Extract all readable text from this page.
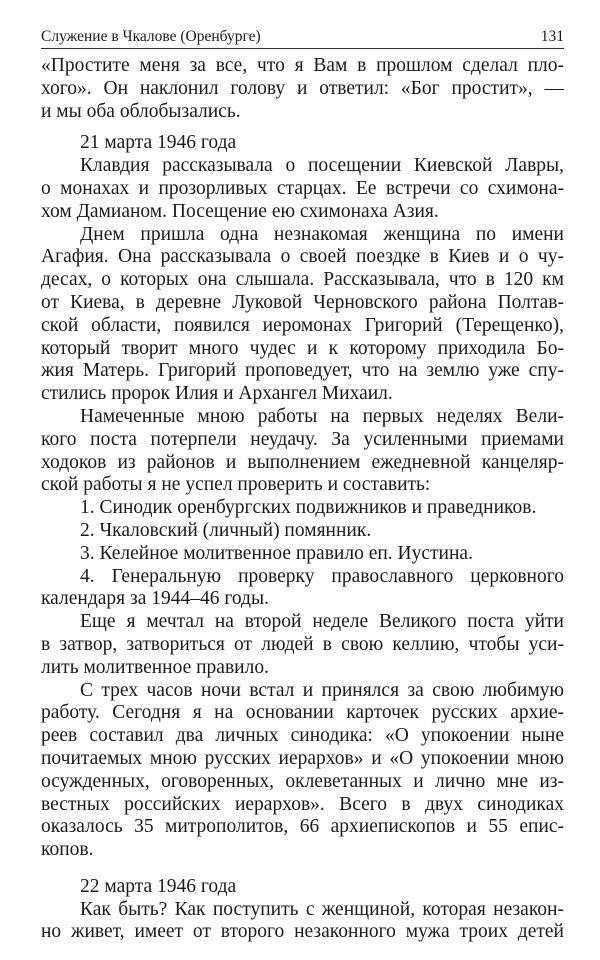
Служение в Чкалове (Оренбурге)	131
«Простите меня за все, что я Вам в прошлом сделал пло-
хого». Он наклонил голову и ответил: «Бог простит», —
и мы оба облобызались.
21 марта 1946 года
Клавдия рассказывала о посещении Киевской Лавры,
о монахах и прозорливых старцах. Ее встречи со схимона-
хом Дамианом. Посещение ею схимонаха Азия.
Днем пришла одна незнакомая женщина по имени
Агафия. Она рассказывала о своей поездке в Киев и о чу-
десах, о которых она слышала. Рассказывала, что в 120 км
от Киева, в деревне Луковой Черновского района Полтав-
ской области, появился иеромонах Григорий (Терещенко),
который творит много чудес и к которому приходила Бо-
жия Матерь. Григорий проповедует, что на землю уже спу-
стились пророк Илия и Архангел Михаил.
Намеченные мною работы на первых неделях Вели-
кого поста потерпели неудачу. За усиленными приемами
ходоков из районов и выполнением ежедневной канцеляр-
ской работы я не успел проверить и составить:
1. Синодик оренбургских подвижников и праведников.
2. Чкаловский (личный) помянник.
3. Келейное молитвенное правило еп. Иустина.
4. Генеральную проверку православного церковного
календаря за 1944–46 годы.
Еще я мечтал на второй неделе Великого поста уйти
в затвор, затвориться от людей в свою келлию, чтобы уси-
лить молитвенное правило.
С трех часов ночи встал и принялся за свою любимую
работу. Сегодня я на основании карточек русских архие-
реев составил два личных синодика: «О упокоении ныне
почитаемых мною русских иерархов» и «О упокоении мною
осужденных, оговоренных, оклеветанных и лично мне из-
вестных российских иерархов». Всего в двух синодиках
оказалось 35 митрополитов, 66 архиепископов и 55 епис-
копов.
22 марта 1946 года
Как быть? Как поступить с женщиной, которая незакон-
но живет, имеет от второго незаконного мужа троих детей
